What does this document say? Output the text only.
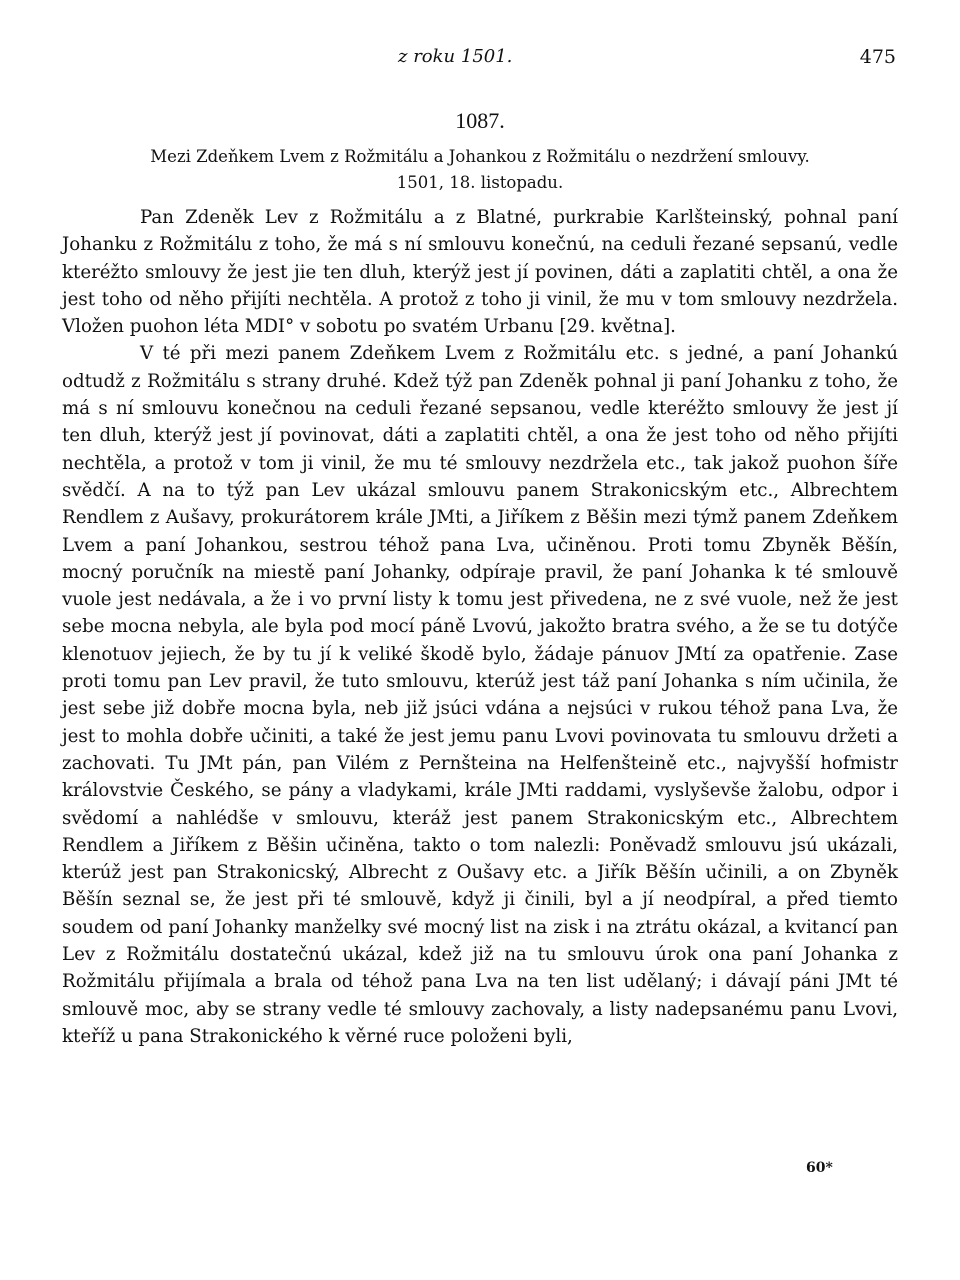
z roku 1501.	475
1087.
Mezi Zdeňkem Lvem z Rožmitálu a Johankou z Rožmitálu o nezdržení smlouvy.
1501, 18. listopadu.

Pan Zdeněk Lev z Rožmitálu a z Blatné, purkrabie Karlšteinský, pohnal paní Johanku z Rožmitálu z toho, že má s ní smlouvu konečnú, na ceduli řezané sepsanú, vedle kteréžto smlouvy že jest jie ten dluh, kterýž jest jí povinen, dáti a zaplatiti chtěl, a ona že jest toho od něho přijíti nechtěla. A protož z toho ji vinil, že mu v tom smlouvy nezdržela. Vložen puohon léta MDI° v sobotu po svatém Urbanu [29. května].

V té při mezi panem Zdeňkem Lvem z Rožmitálu etc. s jedné, a paní Johankú odtudž z Rožmitálu s strany druhé. Kdež týž pan Zdeněk pohnal ji paní Johanku z toho, že má s ní smlouvu konečnou na ceduli řezané sepsanou, vedle kteréžto smlouvy že jest jí ten dluh, kterýž jest jí povinovat, dáti a zaplatiti chtěl, a ona že jest toho od něho přijíti nechtěla, a protož v tom ji vinil, že mu té smlouvy nezdržela etc., tak jakož puohon šíře svědčí. A na to týž pan Lev ukázal smlouvu panem Strakonicským etc., Albrechtem Rendlem z Aušavy, prokurátorem krále JMti, a Jiříkem z Běšin mezi týmž panem Zdeňkem Lvem a paní Johankou, sestrou téhož pana Lva, učiněnou. Proti tomu Zbyněk Běšín, mocný poručník na miestě paní Johanky, odpíraje pravil, že paní Johanka k té smlouvě vuole jest nedávala, a že i vo první listy k tomu jest přivedena, ne z své vuole, než že jest sebe mocna nebyla, ale byla pod mocí páně Lvovú, jakožto bratra svého, a že se tu dotýče klenotuov jejiech, že by tu jí k veliké škodě bylo, žádaje pánuov JMtí za opatřenie. Zase proti tomu pan Lev pravil, že tuto smlouvu, kterúž jest táž paní Johanka s ním učinila, že jest sebe již dobře mocna byla, neb již jsúci vdána a nejsúci v rukou téhož pana Lva, že jest to mohla dobře učiniti, a také že jest jemu panu Lvovi povinovata tu smlouvu držeti a zachovati. Tu JMt pán, pan Vilém z Pernšteina na Helfenšteině etc., najvyšší hofmistr královstvie Českého, se pány a vladykami, krále JMti raddami, vyslyševše žalobu, odpor i svědomí a nahlédše v smlouvu, kteráž jest panem Strakonicským etc., Albrechtem Rendlem a Jiříkem z Běšin učiněna, takto o tom nalezli: Poněvadž smlouvu jsú ukázali, kterúž jest pan Strakonicský, Albrecht z Oušavy etc. a Jiřík Běšín učinili, a on Zbyněk Běšín seznal se, že jest při té smlouvě, když ji činili, byl a jí neodpíral, a před tiemto soudem od paní Johanky manželky své mocný list na zisk i na ztrátu okázal, a kvitancí pan Lev z Rožmitálu dostatečnú ukázal, kdež již na tu smlouvu úrok ona paní Johanka z Rožmitálu přijímala a brala od téhož pana Lva na ten list udělaný; i dávají páni JMt té smlouvě moc, aby se strany vedle té smlouvy zachovaly, a listy nadepsanému panu Lvovi, kteříž u pana Strakonického k věrné ruce položeni byli,

60*
